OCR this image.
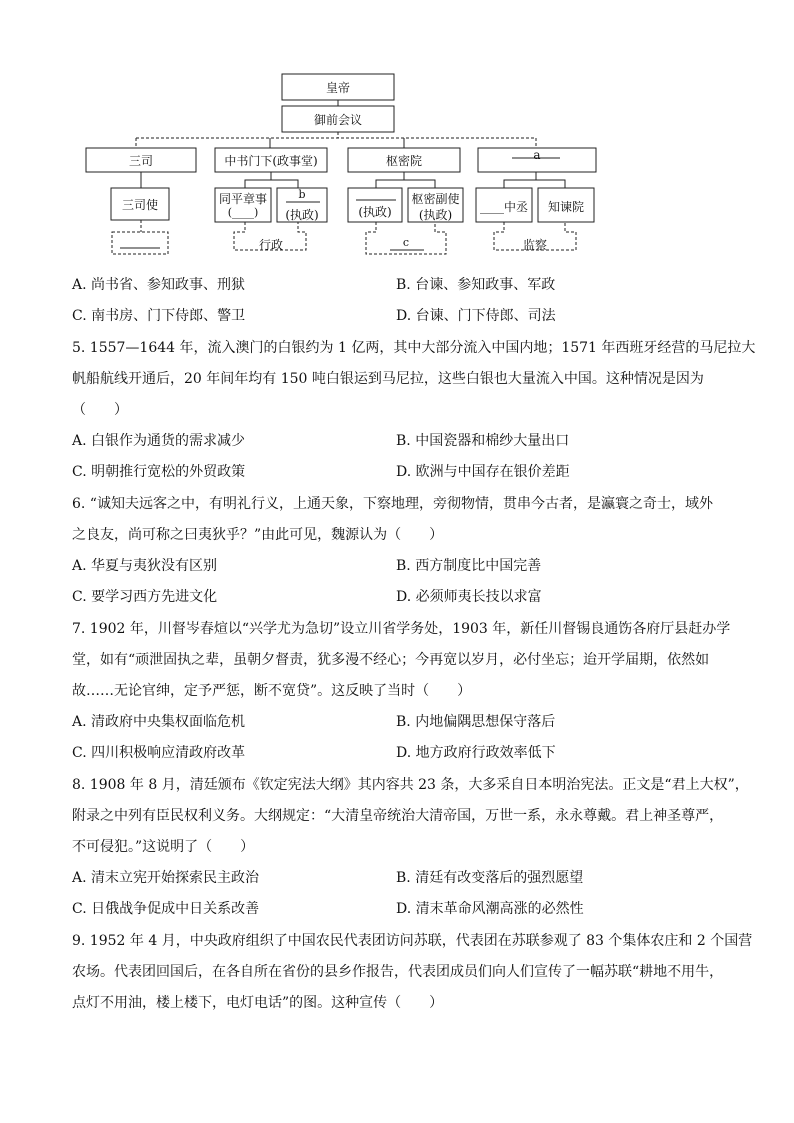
皇帝
御前会议
三司	中书门下(政事堂)	枢密院	a
三司使	同平章事
(____)
b
(执政)
行政
(执政)
枢密副使
(执政)
c
____中丞	知谏院
监察
A. 尚书省、参知政事、刑狱	B. 台谏、参知政事、军政
C. 南书房、门下侍郎、警卫	D. 台谏、门下侍郎、司法
5. 1557—1644 年，流入澳门的白银约为 1 亿两，其中大部分流入中国内地；1571 年西班牙经营的马尼拉大
帆船航线开通后，20 年间年均有 150 吨白银运到马尼拉，这些白银也大量流入中国。这种情况是因为
（　　）
A. 白银作为通货的需求减少	B. 中国瓷器和棉纱大量出口
C. 明朝推行宽松的外贸政策	D. 欧洲与中国存在银价差距
6. “诚知夫远客之中，有明礼行义，上通天象，下察地理，旁彻物情，贯串今古者，是瀛寰之奇士，域外
之良友，尚可称之曰夷狄乎？”由此可见，魏源认为（　　）
A. 华夏与夷狄没有区别	B. 西方制度比中国完善
C. 要学习西方先进文化	D. 必须师夷长技以求富
7. 1902 年，川督岑春煊以“兴学尤为急切”设立川省学务处，1903 年，新任川督锡良通饬各府厅县赶办学
堂，如有“顽泄固执之辈，虽朝夕督责，犹多漫不经心；今再宽以岁月，必付坐忘；迨开学届期，依然如
故……无论官绅，定予严惩，断不宽贷”。这反映了当时（　　）
A. 清政府中央集权面临危机	B. 内地偏隅思想保守落后
C. 四川积极响应清政府改革	D. 地方政府行政效率低下
8. 1908 年 8 月，清廷颁布《钦定宪法大纲》其内容共 23 条，大多采自日本明治宪法。正文是“君上大权”，
附录之中列有臣民权利义务。大纲规定：“大清皇帝统治大清帝国，万世一系，永永尊戴。君上神圣尊严，
不可侵犯。”这说明了（　　）
A. 清末立宪开始探索民主政治	B. 清廷有改变落后的强烈愿望
C. 日俄战争促成中日关系改善	D. 清末革命风潮高涨的必然性
9. 1952 年 4 月，中央政府组织了中国农民代表团访问苏联，代表团在苏联参观了 83 个集体农庄和 2 个国营
农场。代表团回国后，在各自所在省份的县乡作报告，代表团成员们向人们宣传了一幅苏联“耕地不用牛，
点灯不用油，楼上楼下，电灯电话”的图。这种宣传（　　）
